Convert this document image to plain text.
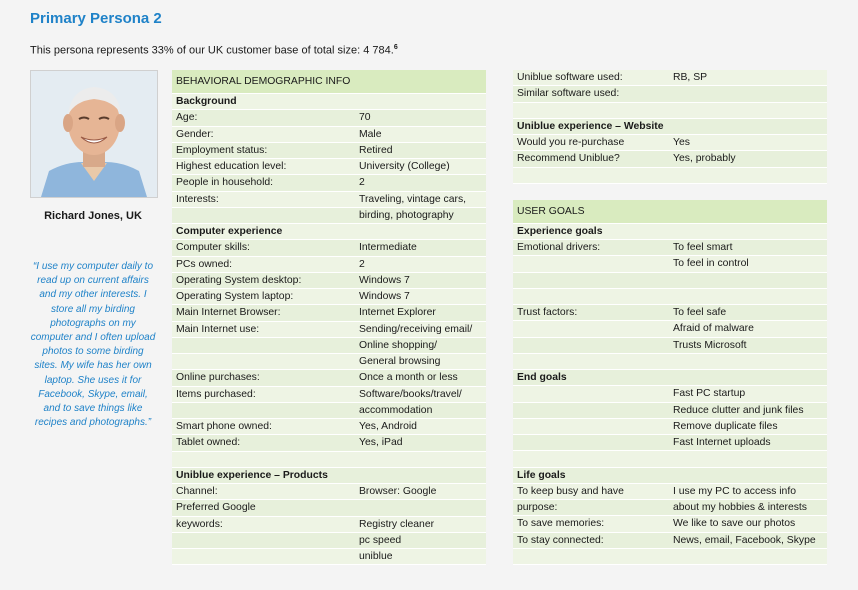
Primary Persona 2
This persona represents 33% of our UK customer base of total size: 4 784.$^6$
Richard Jones, UK
“I use my computer daily to read up on current affairs and my other interests. I store all my birding photographs on my computer and I often upload photos to some birding sites. My wife has her own laptop. She uses it for Facebook, Skype, email, and to save things like recipes and photographs.”
BEHAVIORAL DEMOGRAPHIC INFO
Background
Age:	70
Gender:	Male
Employment status:	Retired
Highest education level:	University (College)
People in household:	2
Interests:	Traveling, vintage cars,
birding, photography
Computer experience
Computer skills:	Intermediate
PCs owned:	2
Operating System desktop:	Windows 7
Operating System laptop:	Windows 7
Main Internet Browser:	Internet Explorer
Main Internet use:	Sending/receiving email/
Online shopping/
General browsing
Online purchases:	Once a month or less
Items purchased:	Software/books/travel/
accommodation
Smart phone owned:	Yes, Android
Tablet owned:	Yes, iPad
Uniblue experience – Products
Channel:	Browser: Google
Preferred Google
keywords:	Registry cleaner
pc speed
uniblue
Uniblue software used:	RB, SP
Similar software used:
Uniblue experience – Website
Would you re-purchase	Yes
Recommend Uniblue?	Yes, probably
USER GOALS
Experience goals
Emotional drivers:	To feel smart
To feel in control
Trust factors:	To feel safe
Afraid of malware
Trusts Microsoft
End goals
Fast PC startup
Reduce clutter and junk files
Remove duplicate files
Fast Internet uploads
Life goals
To keep busy and have	I use my PC to access info
purpose:	about my hobbies & interests
To save memories:	We like to save our photos
To stay connected:	News, email, Facebook, Skype
